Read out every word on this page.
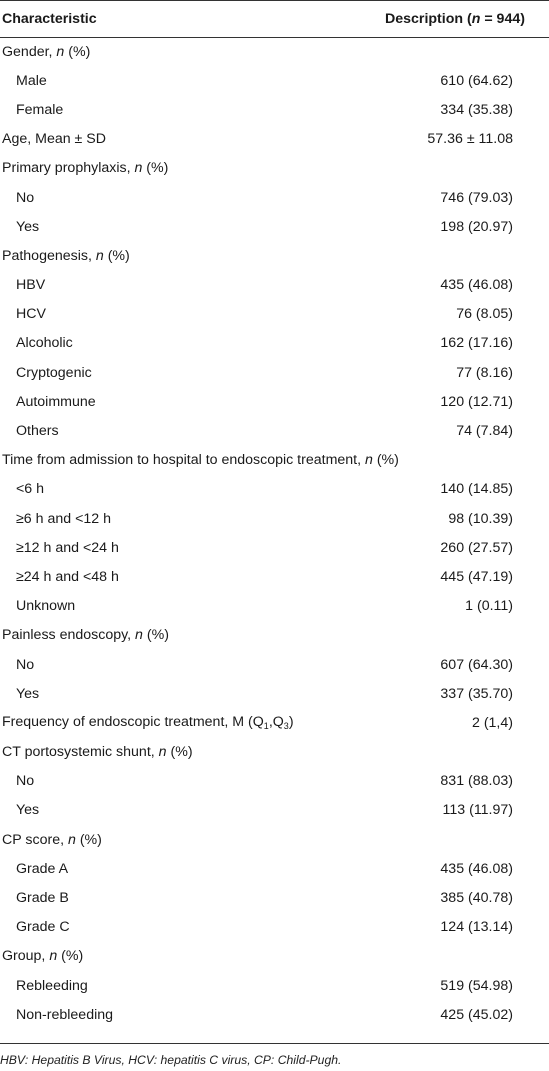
Characteristic	Description (n = 944)
Gender, n (%)	
Male	610 (64.62)
Female	334 (35.38)
Age, Mean ± SD	57.36 ± 11.08
Primary prophylaxis, n (%)	
No	746 (79.03)
Yes	198 (20.97)
Pathogenesis, n (%)	
HBV	435 (46.08)
HCV	76 (8.05)
Alcoholic	162 (17.16)
Cryptogenic	77 (8.16)
Autoimmune	120 (12.71)
Others	74 (7.84)
Time from admission to hospital to endoscopic treatment, n (%)	
<6 h	140 (14.85)
≥6 h and <12 h	98 (10.39)
≥12 h and <24 h	260 (27.57)
≥24 h and <48 h	445 (47.19)
Unknown	1 (0.11)
Painless endoscopy, n (%)	
No	607 (64.30)
Yes	337 (35.70)
Frequency of endoscopic treatment, M $(Q_1,Q_3)$	2 (1,4)
CT portosystemic shunt, n (%)	
No	831 (88.03)
Yes	113 (11.97)
CP score, n (%)	
Grade A	435 (46.08)
Grade B	385 (40.78)
Grade C	124 (13.14)
Group, n (%)	
Rebleeding	519 (54.98)
Non-rebleeding	425 (45.02)
HBV: Hepatitis B Virus, HCV: hepatitis C virus, CP: Child-Pugh.
